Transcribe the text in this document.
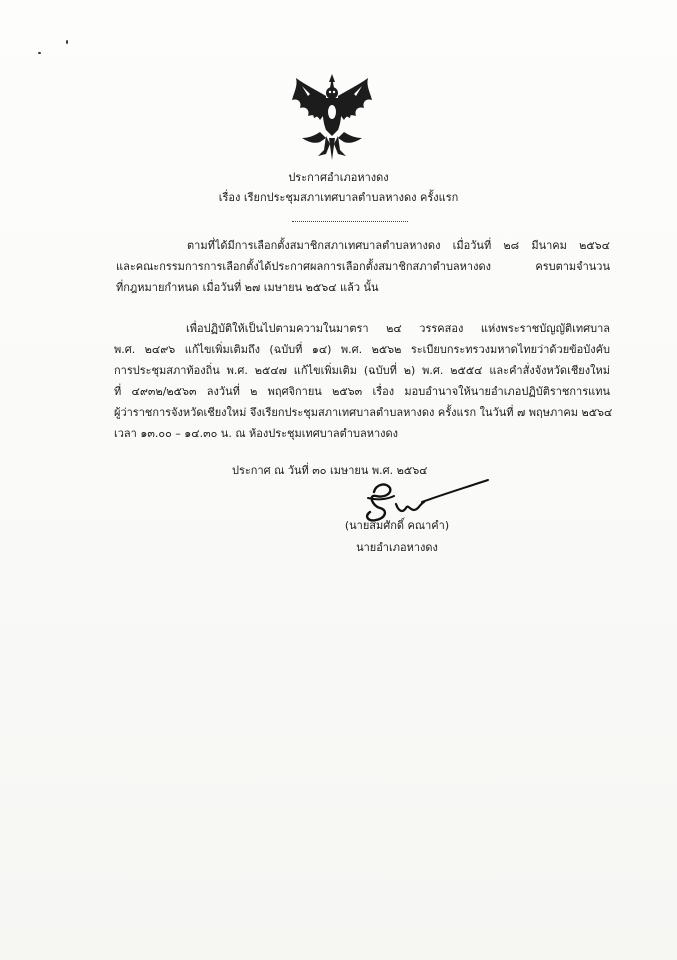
ประกาศอำเภอหางดง
เรื่อง เรียกประชุมสภาเทศบาลตำบลหางดง ครั้งแรก
ตามที่ได้มีการเลือกตั้งสมาชิกสภาเทศบาลตำบลหางดง เมื่อวันที่ ๒๘ มีนาคม ๒๕๖๔
และคณะกรรมการการเลือกตั้งได้ประกาศผลการเลือกตั้งสมาชิกสภาตำบลหางดง ครบตามจำนวน
ที่กฎหมายกำหนด เมื่อวันที่ ๒๗ เมษายน ๒๕๖๔ แล้ว นั้น
เพื่อปฏิบัติให้เป็นไปตามความในมาตรา ๒๔ วรรคสอง แห่งพระราชบัญญัติเทศบาล
พ.ศ. ๒๔๙๖ แก้ไขเพิ่มเติมถึง (ฉบับที่ ๑๔) พ.ศ. ๒๕๖๒ ระเบียบกระทรวงมหาดไทยว่าด้วยข้อบังคับ
การประชุมสภาท้องถิ่น พ.ศ. ๒๕๔๗ แก้ไขเพิ่มเติม (ฉบับที่ ๒) พ.ศ. ๒๕๕๔ และคำสั่งจังหวัดเชียงใหม่
ที่ ๔๙๓๒/๒๕๖๓ ลงวันที่ ๒ พฤศจิกายน ๒๕๖๓ เรื่อง มอบอำนาจให้นายอำเภอปฏิบัติราชการแทน
ผู้ว่าราชการจังหวัดเชียงใหม่ จึงเรียกประชุมสภาเทศบาลตำบลหางดง ครั้งแรก ในวันที่ ๗ พฤษภาคม ๒๕๖๔
เวลา ๑๓.๐๐ – ๑๔.๓๐ น. ณ ห้องประชุมเทศบาลตำบลหางดง
ประกาศ ณ วันที่ ๓๐ เมษายน พ.ศ. ๒๕๖๔
(นายสมศักดิ์ คณาคำ)
นายอำเภอหางดง
